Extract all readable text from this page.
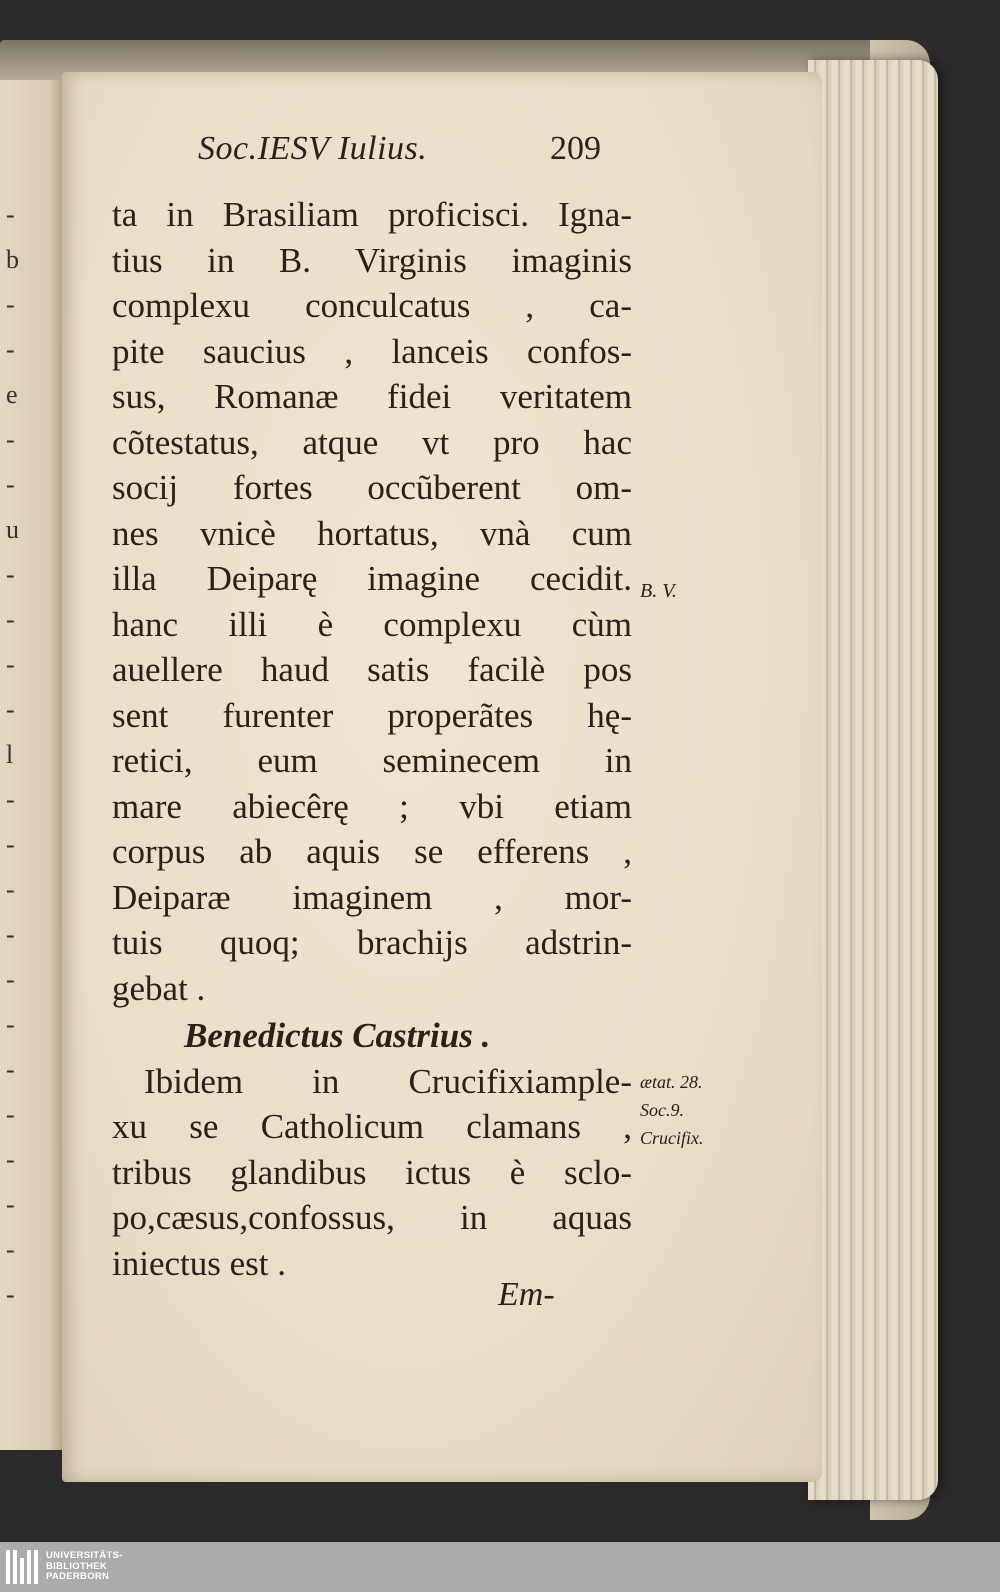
-
b
-
-
e
-
-
u
-
-
-
-
l
-
-
-
-
-
-
-
-
-
-
-
-
Soc.IESV Iulius.	209
ta in Brasiliam proficisci. Igna-
tius in B. Virginis imaginis
complexu conculcatus , ca-
pite saucius , lanceis confos-
sus, Romanæ fidei veritatem
cõtestatus, atque vt pro hac
socij fortes occũberent om-
nes vnicè hortatus, vnà cum
illa Deiparę imagine cecidit.
hanc illi è complexu cùm
auellere haud satis facilè pos
sent furenter properãtes hę-
retici, eum seminecem in
mare abiecêrę ; vbi etiam
corpus ab aquis se efferens ,
Deiparæ imaginem , mor-
tuis quoq; brachijs adstrin-
gebat .
Benedictus Castrius .
Ibidem in Crucifixiample-
xu se Catholicum clamans ,
tribus glandibus ictus è sclo-
po,cæsus,confossus, in aquas
iniectus est .
Em-
B. V.
ætat. 28.
Soc.9.
Crucifix.
UNIVERSITÄTS-
BIBLIOTHEK
PADERBORN
